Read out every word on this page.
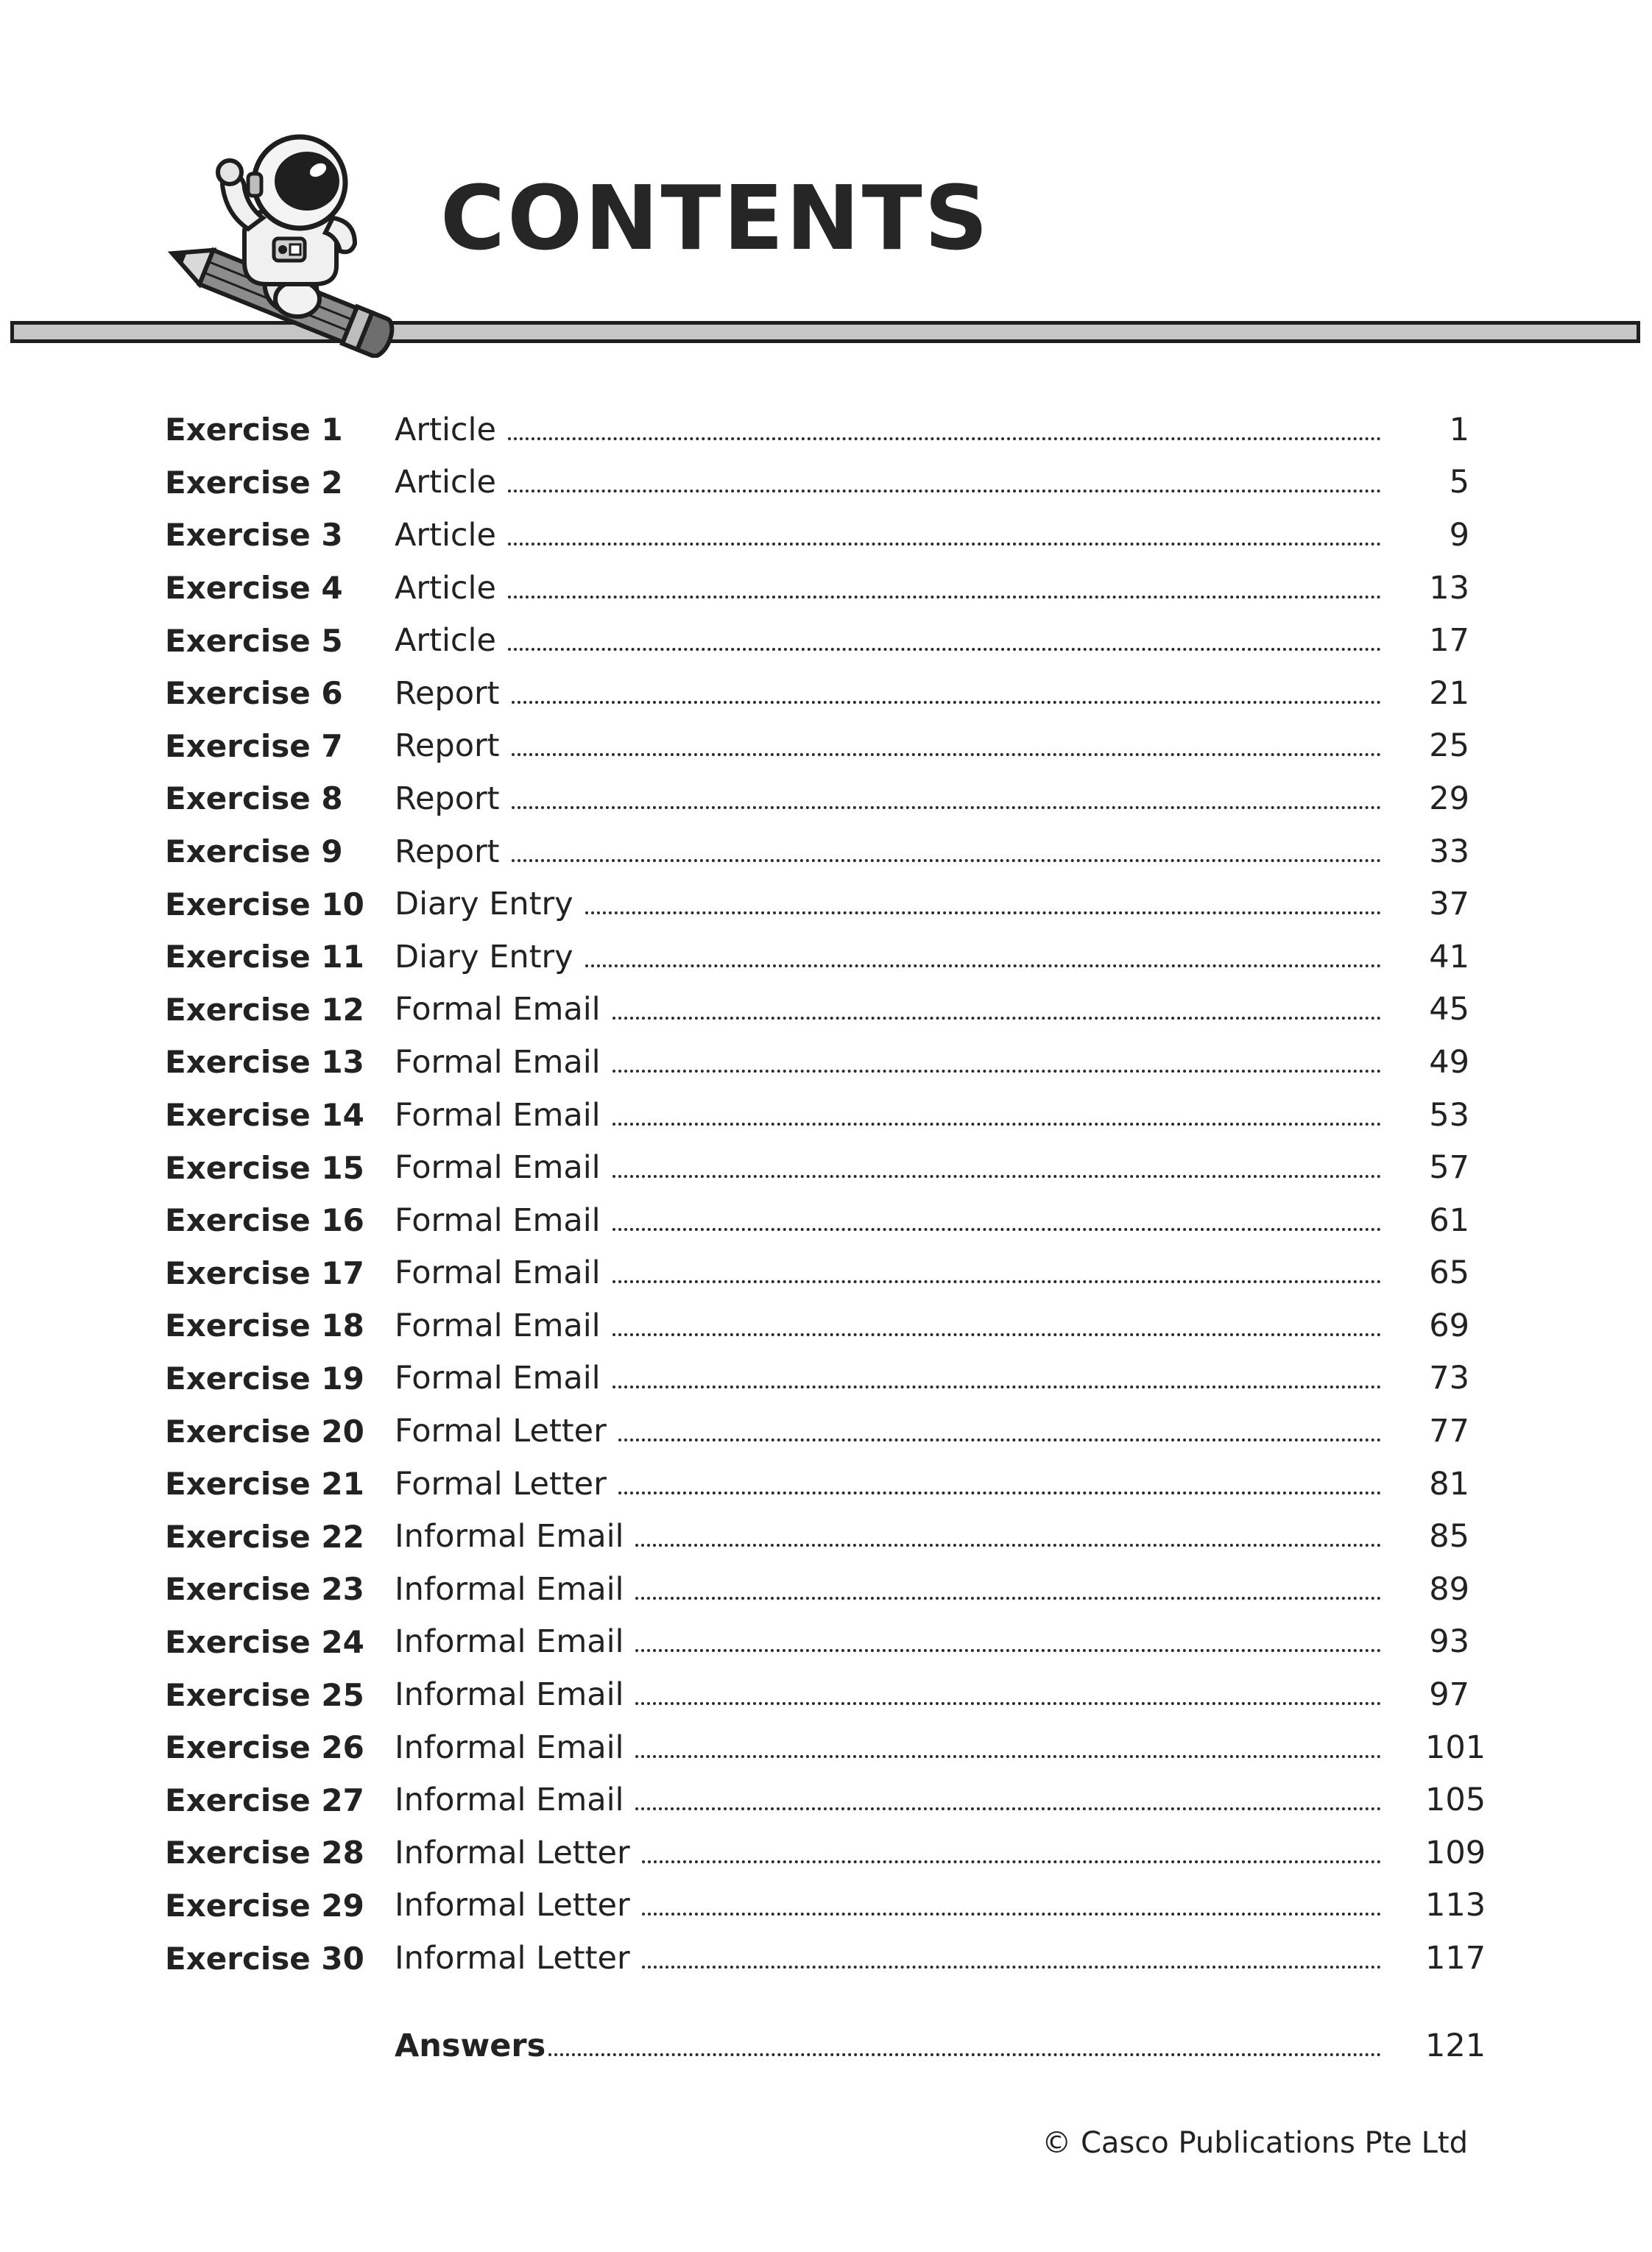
CONTENTS
Exercise 1	Article	1
Exercise 2	Article	5
Exercise 3	Article	9
Exercise 4	Article	13
Exercise 5	Article	17
Exercise 6	Report	21
Exercise 7	Report	25
Exercise 8	Report	29
Exercise 9	Report	33
Exercise 10 Diary Entry	37
Exercise 11 Diary Entry	41
Exercise 12 Formal Email	45
Exercise 13 Formal Email	49
Exercise 14 Formal Email	53
Exercise 15 Formal Email	57
Exercise 16 Formal Email	61
Exercise 17 Formal Email	65
Exercise 18 Formal Email	69
Exercise 19 Formal Email	73
Exercise 20 Formal Letter	77
Exercise 21 Formal Letter	81
Exercise 22 Informal Email	85
Exercise 23 Informal Email	89
Exercise 24 Informal Email	93
Exercise 25 Informal Email	97
Exercise 26 Informal Email	101
Exercise 27 Informal Email	105
Exercise 28 Informal Letter	109
Exercise 29 Informal Letter	113
Exercise 30 Informal Letter	117
Answers	121
© Casco Publications Pte Ltd
